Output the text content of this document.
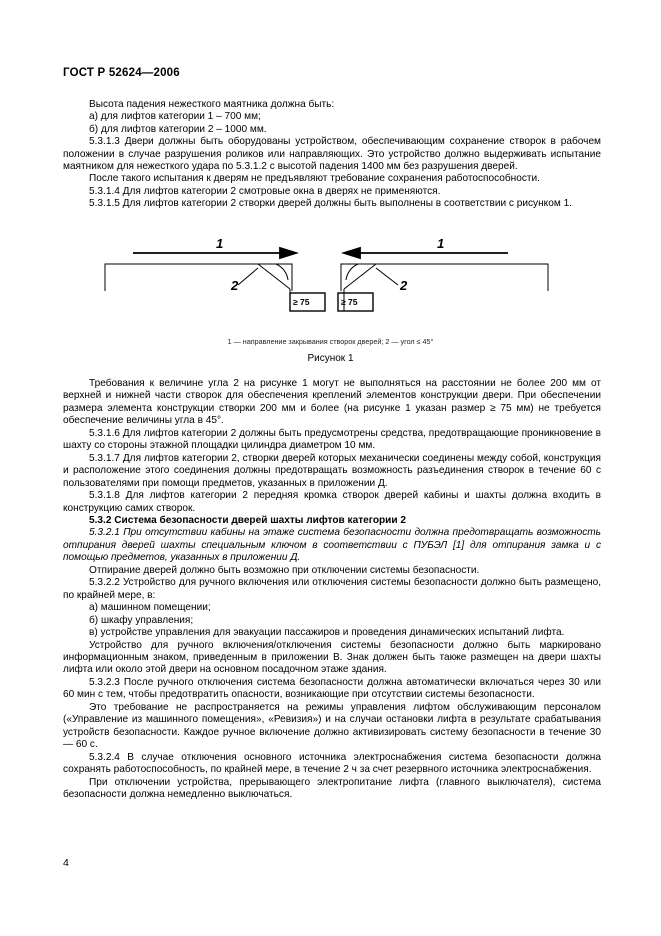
ГОСТ Р 52624—2006

Высота падения нежесткого маятника должна быть:

а) для лифтов категории 1 – 700 мм;

б) для лифтов категории 2 – 1000 мм.

5.3.1.3 Двери должны быть оборудованы устройством, обеспечивающим сохранение створок в рабочем положении в случае разрушения роликов или направляющих. Это устройство должно выдерживать испытание маятником для нежесткого удара по 5.3.1.2 с высотой падения 1400 мм без разрушения дверей.

После такого испытания к дверям не предъявляют требование сохранения работоспособности.

5.3.1.4 Для лифтов категории 2 смотровые окна в дверях не применяются.

5.3.1.5 Для лифтов категории 2 створки дверей должны быть выполнены в соответствии с рисунком 1.

1	1
2	2
≥ 75	≥ 75
1 — направление закрывания створок дверей; 2 — угол ≤ 45°
Рисунок 1

Требования к величине угла 2 на рисунке 1 могут не выполняться на расстоянии не более 200 мм от верхней и нижней части створок для обеспечения креплений элементов конструкции двери. При обеспечении размера элемента конструкции створки 200 мм и более (на рисунке 1 указан размер ≥ 75 мм) не требуется обеспечение величины угла в 45°.

5.3.1.6 Для лифтов категории 2 должны быть предусмотрены средства, предотвращающие проникновение в шахту со стороны этажной площадки цилиндра диаметром 10 мм.

5.3.1.7 Для лифтов категории 2, створки дверей которых механически соединены между собой, конструкция и расположение этого соединения должны предотвращать возможность разъединения створок в течение 60 с пользователями при помощи предметов, указанных в приложении Д.

5.3.1.8 Для лифтов категории 2 передняя кромка створок дверей кабины и шахты должна входить в конструкцию самих створок.

5.3.2 Система безопасности дверей шахты лифтов категории 2

5.3.2.1 При отсутствии кабины на этаже система безопасности должна предотвращать возможность отпирания дверей шахты специальным ключом в соответствии с ПУБЭЛ [1] для отпирания замка и с помощью предметов, указанных в приложении Д.

Отпирание дверей должно быть возможно при отключении системы безопасности.

5.3.2.2 Устройство для ручного включения или отключения системы безопасности должно быть размещено, по крайней мере, в:

а) машинном помещении;

б) шкафу управления;

в) устройстве управления для эвакуации пассажиров и проведения динамических испытаний лифта.

Устройство для ручного включения/отключения системы безопасности должно быть маркировано информационным знаком, приведенным в приложении В. Знак должен быть также размещен на двери шахты лифта или около этой двери на основном посадочном этаже здания.

5.3.2.3 После ручного отключения система безопасности должна автоматически включаться через 30 или 60 мин с тем, чтобы предотвратить опасности, возникающие при отсутствии системы безопасности.

Это требование не распространяется на режимы управления лифтом обслуживающим персоналом («Управление из машинного помещения», «Ревизия») и на случаи остановки лифта в результате срабатывания устройств безопасности. Каждое ручное включение должно активизировать систему безопасности в течение 30 — 60 с.

5.3.2.4 В случае отключения основного источника электроснабжения система безопасности должна сохранять работоспособность, по крайней мере, в течение 2 ч за счет резервного источника электроснабжения.

При отключении устройства, прерывающего электропитание лифта (главного выключателя), система безопасности должна немедленно выключаться.

4
